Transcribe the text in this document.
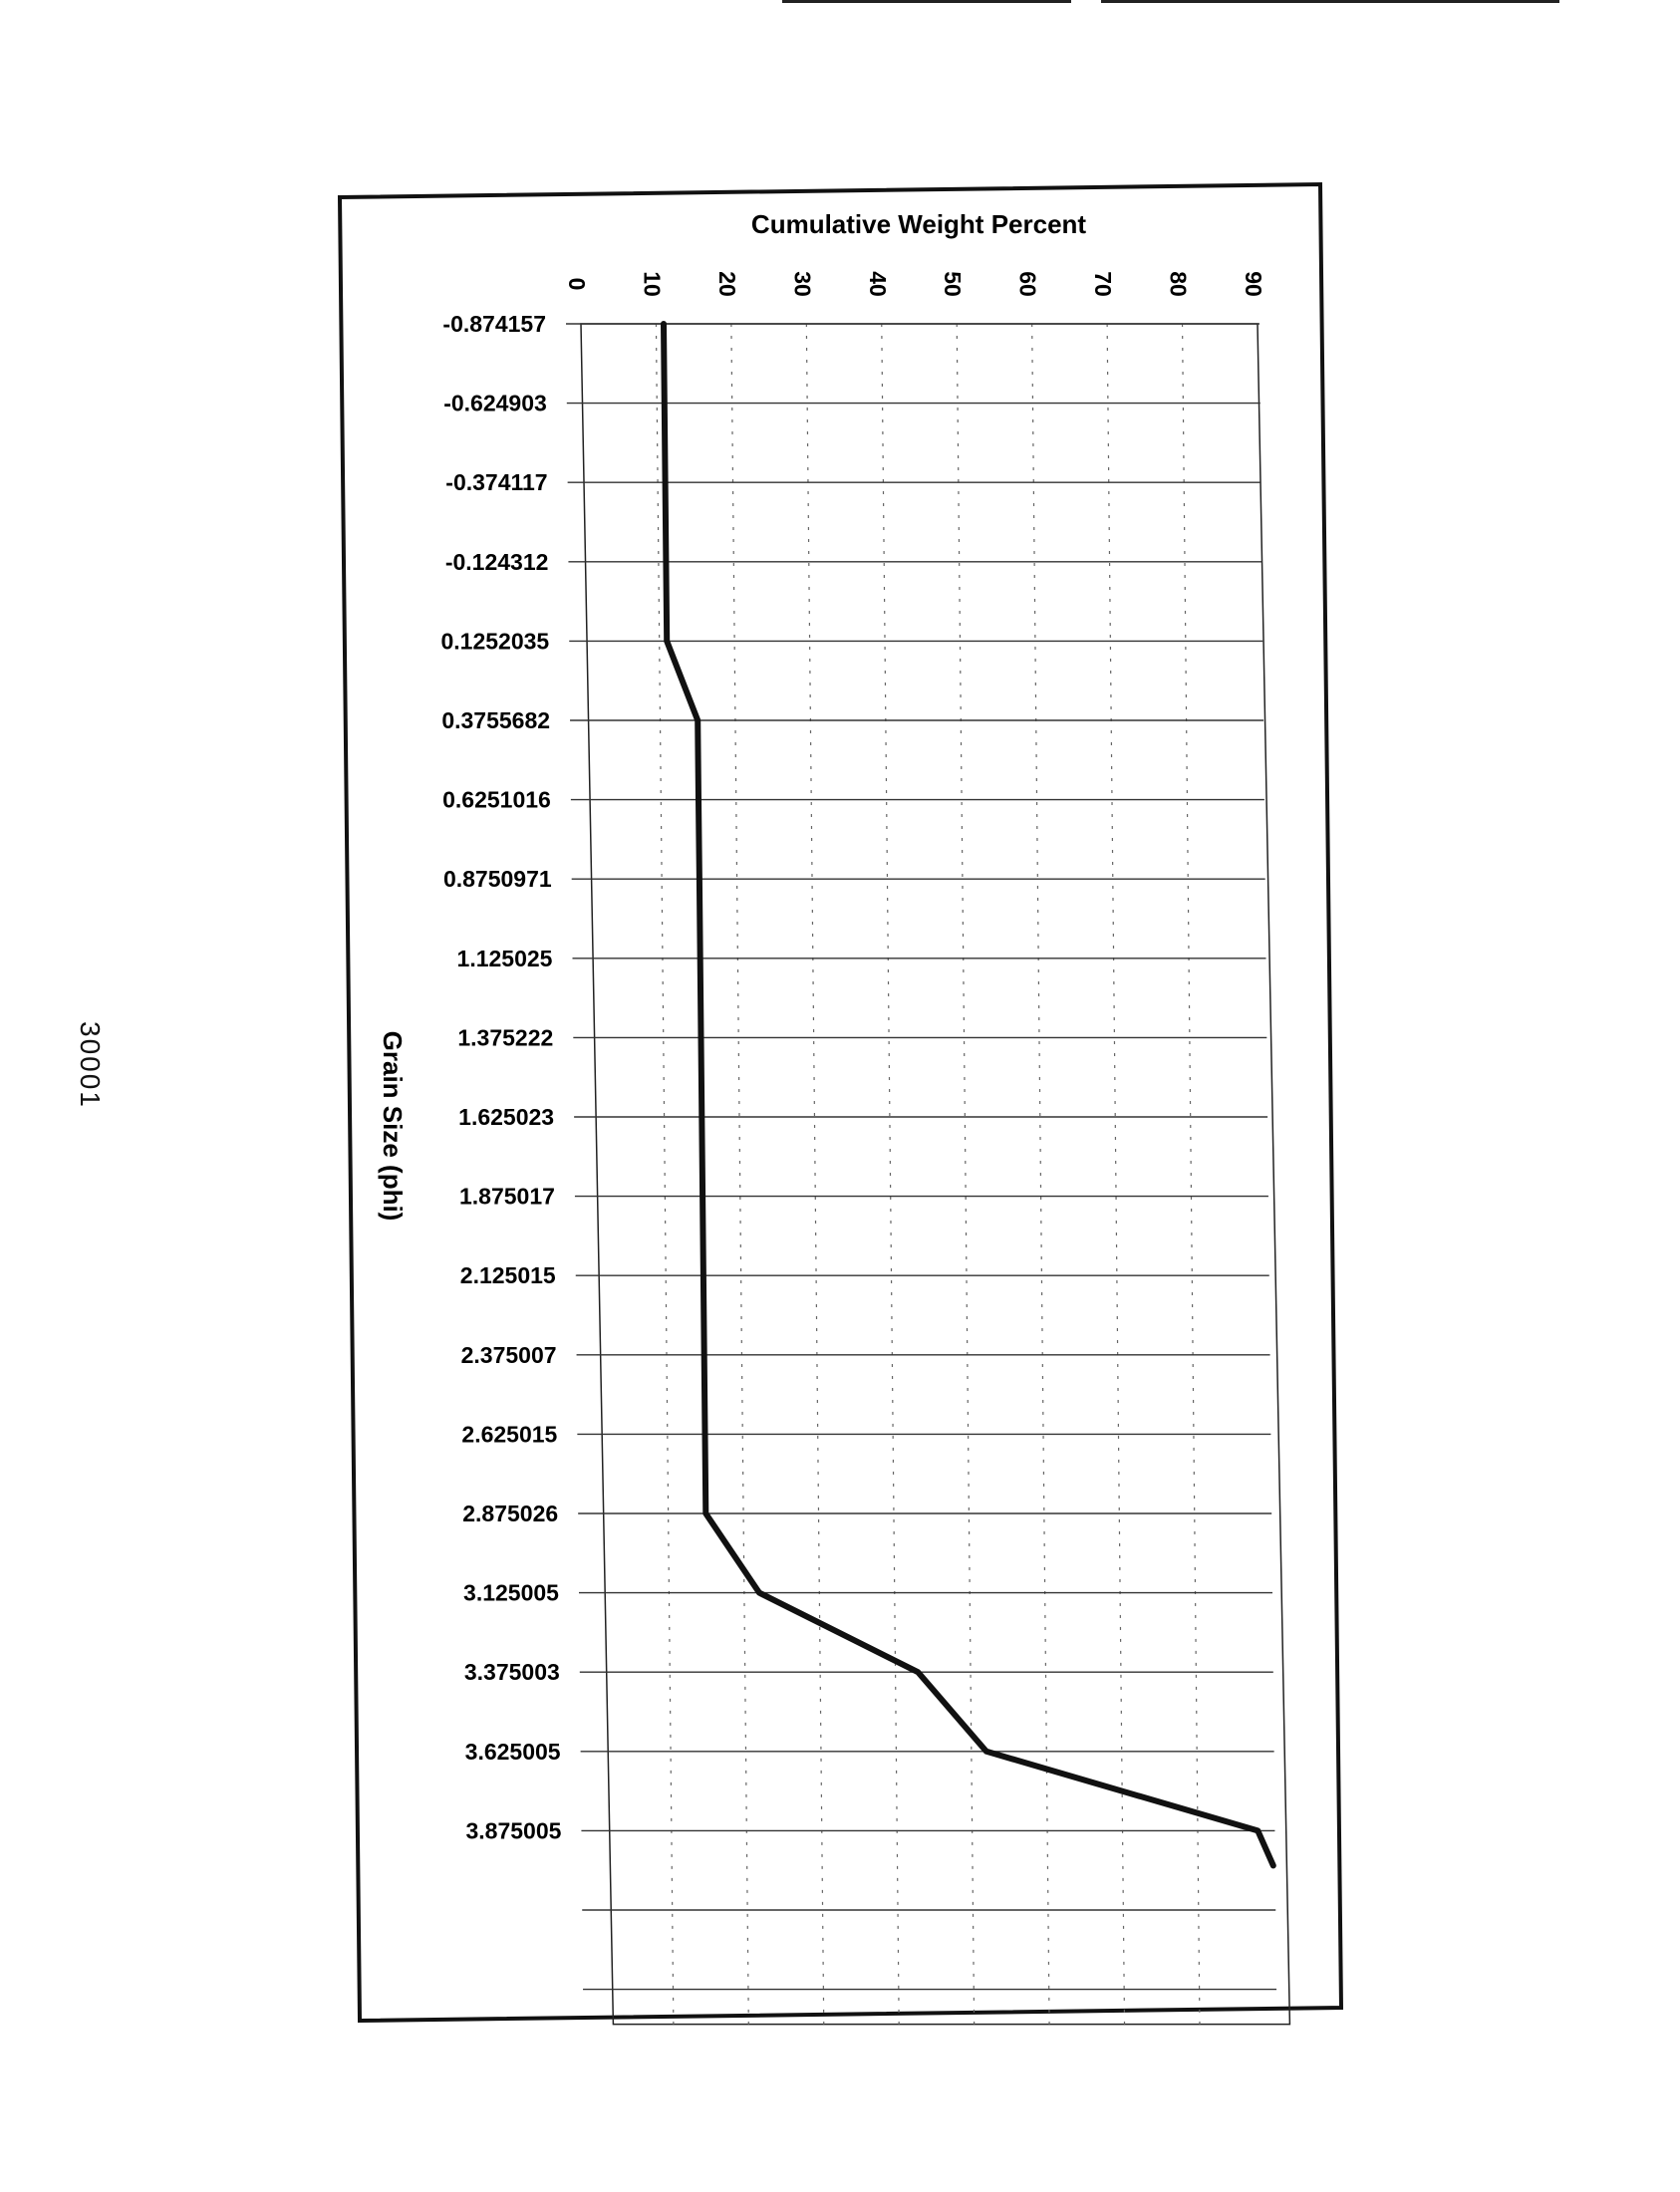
30001
Cumulative Weight Percent
Grain Size (phi)
0 10 20 30 40 50 60 70 80 90
-0.874157
-0.624903
-0.374117
-0.124312
0.1252035
0.3755682
0.6251016
0.8750971
1.125025
1.375222
1.625023
1.875017
2.125015
2.375007
2.625015
2.875026
3.125005
3.375003
3.625005
3.875005
